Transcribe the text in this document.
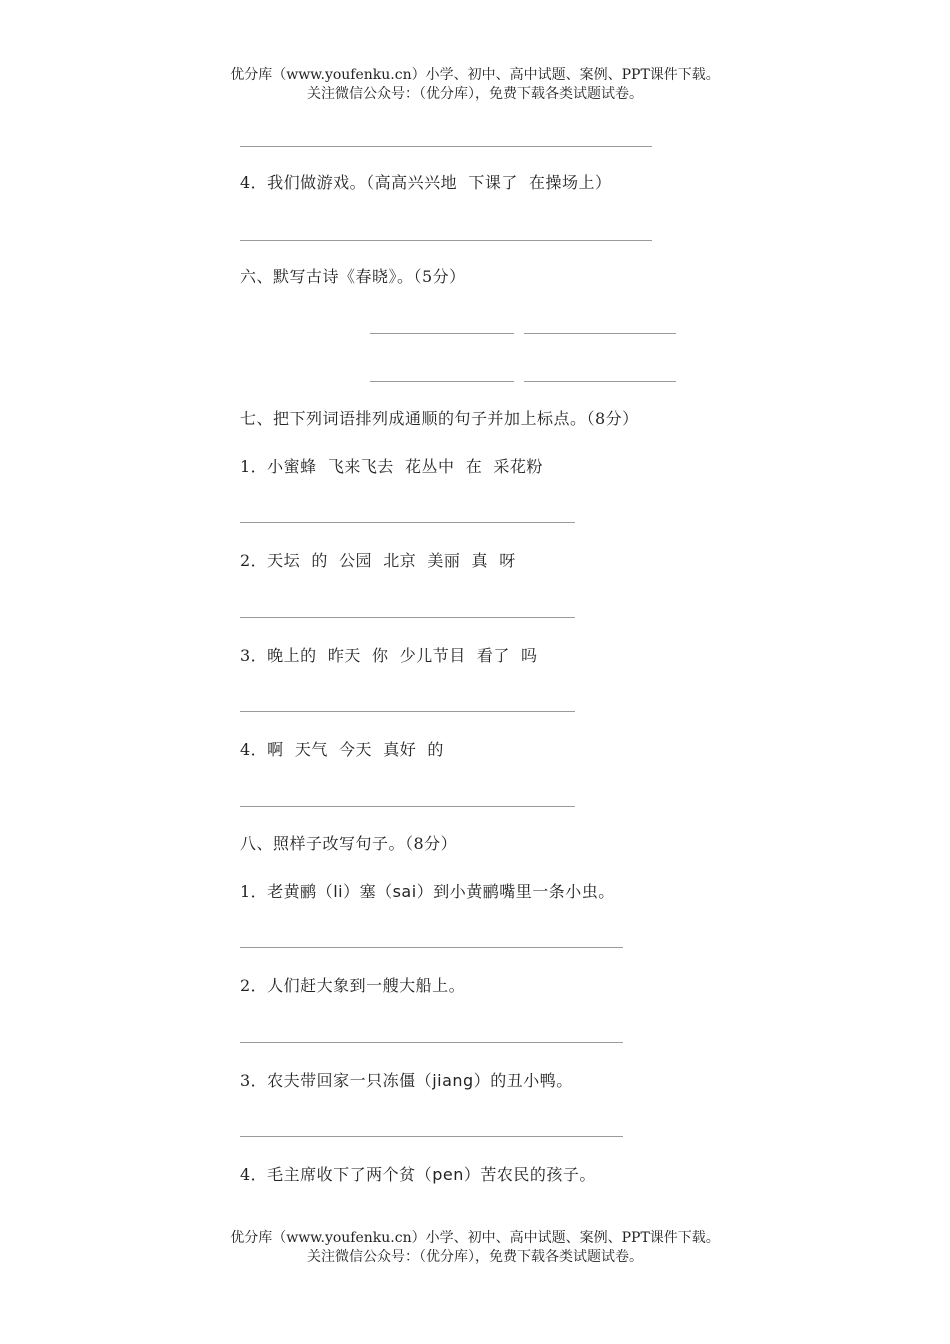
优分库（www.youfenku.cn）小学、初中、高中试题、案例、PPT课件下载。
关注微信公众号：（优分库），免费下载各类试题试卷。
4．我们做游戏。（高高兴兴地  下课了  在操场上）
六、默写古诗《春晓》。（5分）
七、把下列词语排列成通顺的句子并加上标点。（8分）
1．小蜜蜂  飞来飞去  花丛中  在  采花粉
2．天坛  的  公园  北京  美丽  真  呀
3．晚上的  昨天  你  少儿节目  看了  吗
4．啊  天气  今天  真好  的
八、照样子改写句子。（8分）
1．老黄鹂（li）塞（sai）到小黄鹂嘴里一条小虫。
2．人们赶大象到一艘大船上。
3．农夫带回家一只冻僵（jiang）的丑小鸭。
4．毛主席收下了两个贫（pen）苦农民的孩子。
优分库（www.youfenku.cn）小学、初中、高中试题、案例、PPT课件下载。
关注微信公众号：（优分库），免费下载各类试题试卷。
